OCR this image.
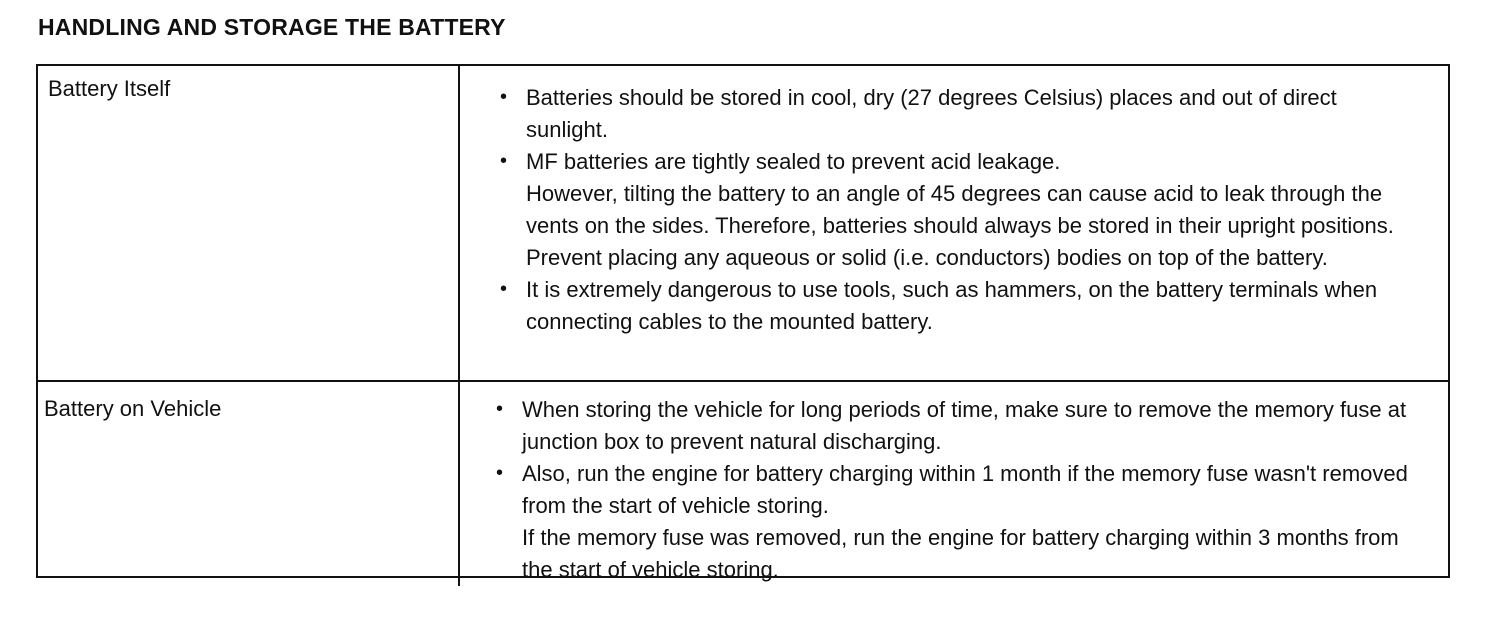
HANDLING AND STORAGE THE BATTERY
Battery Itself	• Batteries should be stored in cool, dry (27 degrees Celsius) places and out of direct sunlight.

• MF batteries are tightly sealed to prevent acid leakage.

However, tilting the battery to an angle of 45 degrees can cause acid to leak through the vents on the sides. Therefore, batteries should always be stored in their upright positions. Prevent placing any aqueous or solid (i.e. conductors) bodies on top of the battery.

• It is extremely dangerous to use tools, such as hammers, on the battery terminals when connecting cables to the mounted battery.

Battery on Vehicle	• When storing the vehicle for long periods of time, make sure to remove the memory fuse at junction box to prevent natural discharging.

• Also, run the engine for battery charging within 1 month if the memory fuse wasn't removed from the start of vehicle storing.

If the memory fuse was removed, run the engine for battery charging within 3 months from the start of vehicle storing.
